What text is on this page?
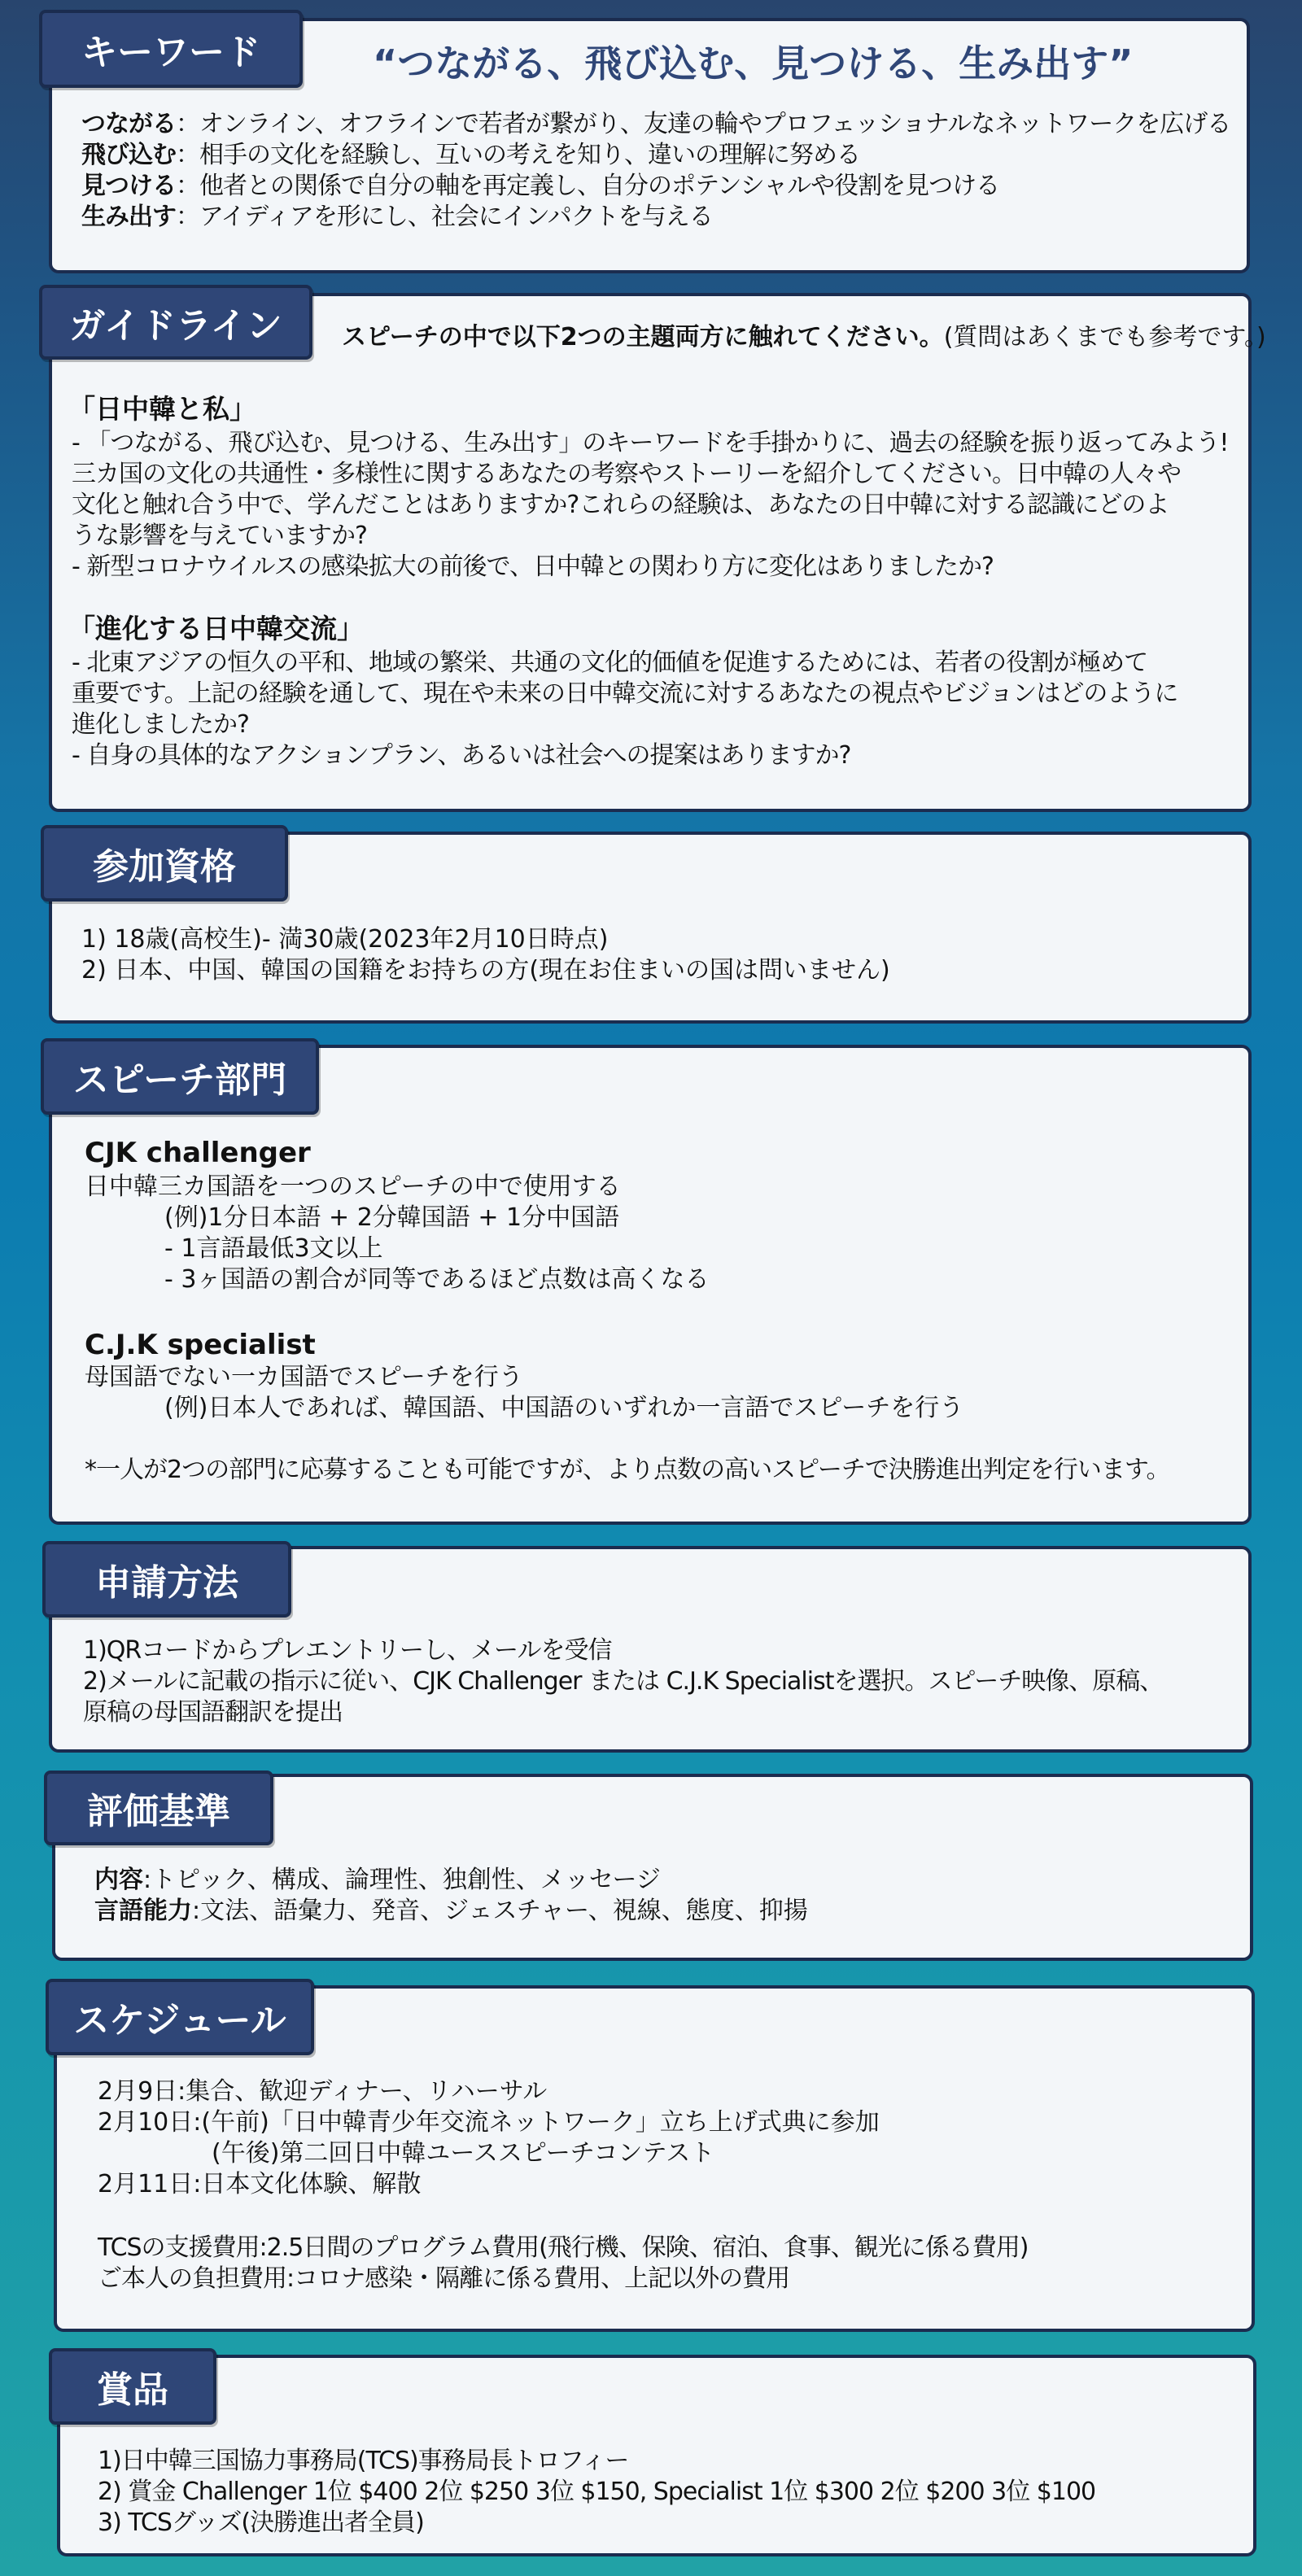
キーワード	“つながる、飛び込む、見つける、生み出す”
つながる：オンライン、オフラインで若者が繋がり、友達の輪やプロフェッショナルなネットワークを広げる
飛び込む：相手の文化を経験し、互いの考えを知り、違いの理解に努める
見つける：他者との関係で自分の軸を再定義し、自分のポテンシャルや役割を見つける
生み出す：アイディアを形にし、社会にインパクトを与える
ガイドライン	スピーチの中で以下2つの主題両方に触れてください。(質問はあくまでも参考です。)
「日中韓と私」
- 「つながる、飛び込む、見つける、生み出す」のキーワードを手掛かりに、過去の経験を振り返ってみよう!
三カ国の文化の共通性・多様性に関するあなたの考察やストーリーを紹介してください。日中韓の人々や
文化と触れ合う中で、学んだことはありますか?これらの経験は、あなたの日中韓に対する認識にどのよ
うな影響を与えていますか?
- 新型コロナウイルスの感染拡大の前後で、日中韓との関わり方に変化はありましたか?
「進化する日中韓交流」
- 北東アジアの恒久の平和、地域の繁栄、共通の文化的価値を促進するためには、若者の役割が極めて
重要です。上記の経験を通して、現在や未来の日中韓交流に対するあなたの視点やビジョンはどのように
進化しましたか?
- 自身の具体的なアクションプラン、あるいは社会への提案はありますか?
参加資格
1) 18歳(高校生)- 満30歳(2023年2月10日時点)
2) 日本、中国、韓国の国籍をお持ちの方(現在お住まいの国は問いません)
スピーチ部門
CJK challenger
日中韓三カ国語を一つのスピーチの中で使用する
(例)1分日本語 + 2分韓国語 + 1分中国語
- 1言語最低3文以上
- 3ヶ国語の割合が同等であるほど点数は高くなる
C.J.K specialist
母国語でない一カ国語でスピーチを行う
(例)日本人であれば、韓国語、中国語のいずれか一言語でスピーチを行う
*一人が2つの部門に応募することも可能ですが、より点数の高いスピーチで決勝進出判定を行います。
申請方法
1)QRコードからプレエントリーし、メールを受信
2)メールに記載の指示に従い、CJK Challenger または C.J.K Specialistを選択。スピーチ映像、原稿、
原稿の母国語翻訳を提出
評価基準
内容:トピック、構成、論理性、独創性、メッセージ
言語能力:文法、語彙力、発音、ジェスチャー、視線、態度、抑揚
スケジュール
2月9日:集合、歓迎ディナー、リハーサル
2月10日:(午前)「日中韓青少年交流ネットワーク」立ち上げ式典に参加
(午後)第二回日中韓ユーススピーチコンテスト
2月11日:日本文化体験、解散
TCSの支援費用:2.5日間のプログラム費用(飛行機、保険、宿泊、食事、観光に係る費用)
ご本人の負担費用:コロナ感染・隔離に係る費用、上記以外の費用
賞品
1)日中韓三国協力事務局(TCS)事務局長トロフィー
2) 賞金 Challenger 1位 $400 2位 $250 3位 $150, Specialist 1位 $300 2位 $200 3位 $100
3) TCSグッズ(決勝進出者全員)
